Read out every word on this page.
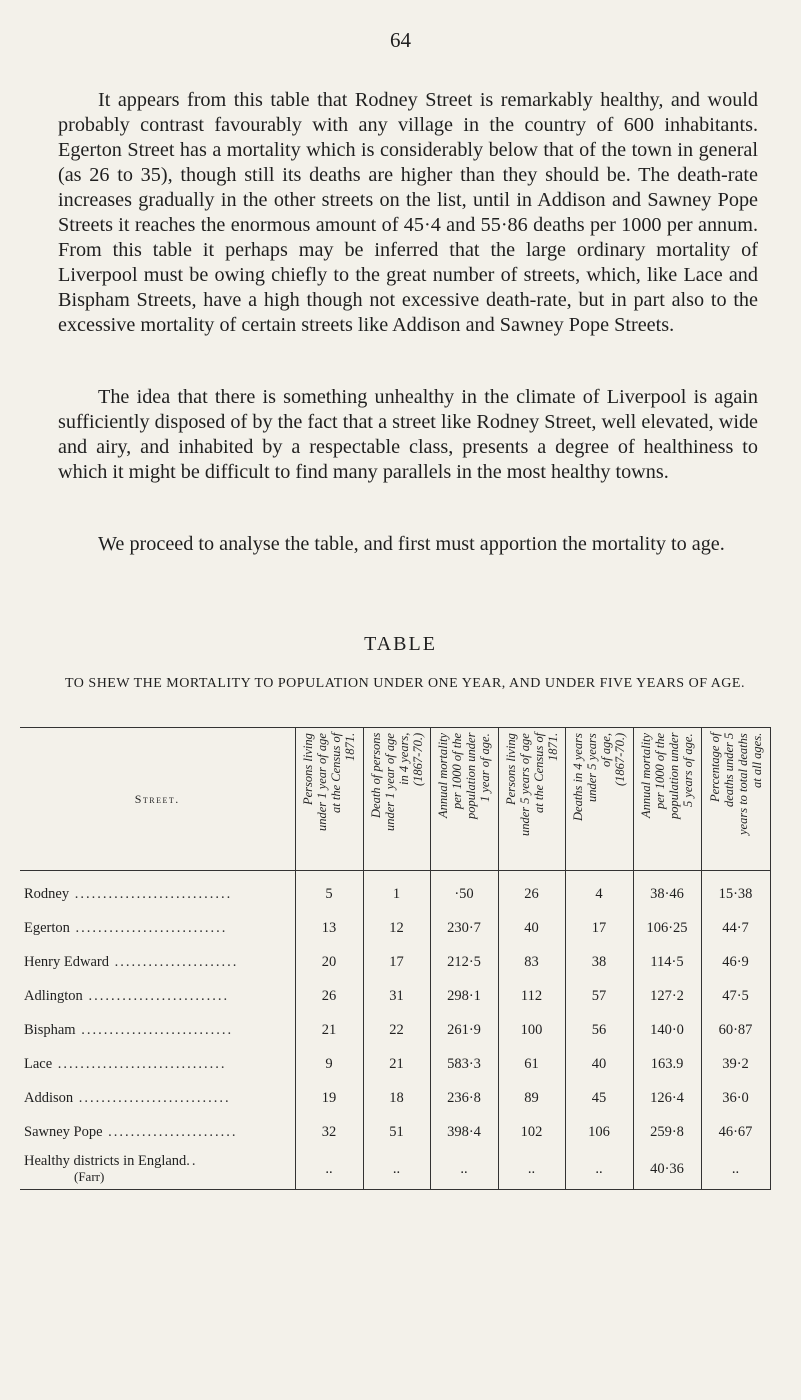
64

It appears from this table that Rodney Street is remarkably healthy, and would probably contrast favourably with any village in the country of 600 inhabitants. Egerton Street has a mortality which is considerably below that of the town in general (as 26 to 35), though still its deaths are higher than they should be. The death-rate increases gradually in the other streets on the list, until in Addison and Sawney Pope Streets it reaches the enormous amount of 45·4 and 55·86 deaths per 1000 per annum. From this table it perhaps may be inferred that the large ordinary mortality of Liverpool must be owing chiefly to the great number of streets, which, like Lace and Bispham Streets, have a high though not excessive death-rate, but in part also to the excessive mortality of certain streets like Addison and Sawney Pope Streets.

The idea that there is something unhealthy in the climate of Liverpool is again sufficiently disposed of by the fact that a street like Rodney Street, well elevated, wide and airy, and inhabited by a respectable class, presents a degree of healthiness to which it might be difficult to find many parallels in the most healthy towns.

We proceed to analyse the table, and first must apportion the mortality to age.

TABLE
TO SHEW THE MORTALITY TO POPULATION UNDER ONE YEAR, AND UNDER FIVE YEARS OF AGE.
Street.	Persons living
under 1 year of age
at the Census of
1871.	Death of persons
under 1 year of age
in 4 years,
(1867-70.)	Annual mortality
per 1000 of the
population under
1 year of age.	Persons living
under 5 years of age
at the Census of
1871.	Deaths in 4 years
under 5 years
of age,
(1867-70.)	Annual mortality
per 1000 of the
population under
5 years of age.	Percentage of
deaths under 5
years to total deaths
at all ages.

Rodney ............................	5	1	·50	26	4	38·46	15·38
Egerton ...........................	13	12	230·7	40	17	106·25	44·7
Henry Edward ......................	20	17	212·5	83	38	114·5	46·9
Adlington .........................	26	31	298·1	112	57	127·2	47·5
Bispham ...........................	21	22	261·9	100	56	140·0	60·87
Lace ..............................	9	21	583·3	61	40	163.9	39·2
Addison ...........................	19	18	236·8	89	45	126·4	36·0
Sawney Pope .......................	32	51	398·4	102	106	259·8	46·67
Healthy districts in England..
(Farr)	..	..	..	..	..	40·36	..
